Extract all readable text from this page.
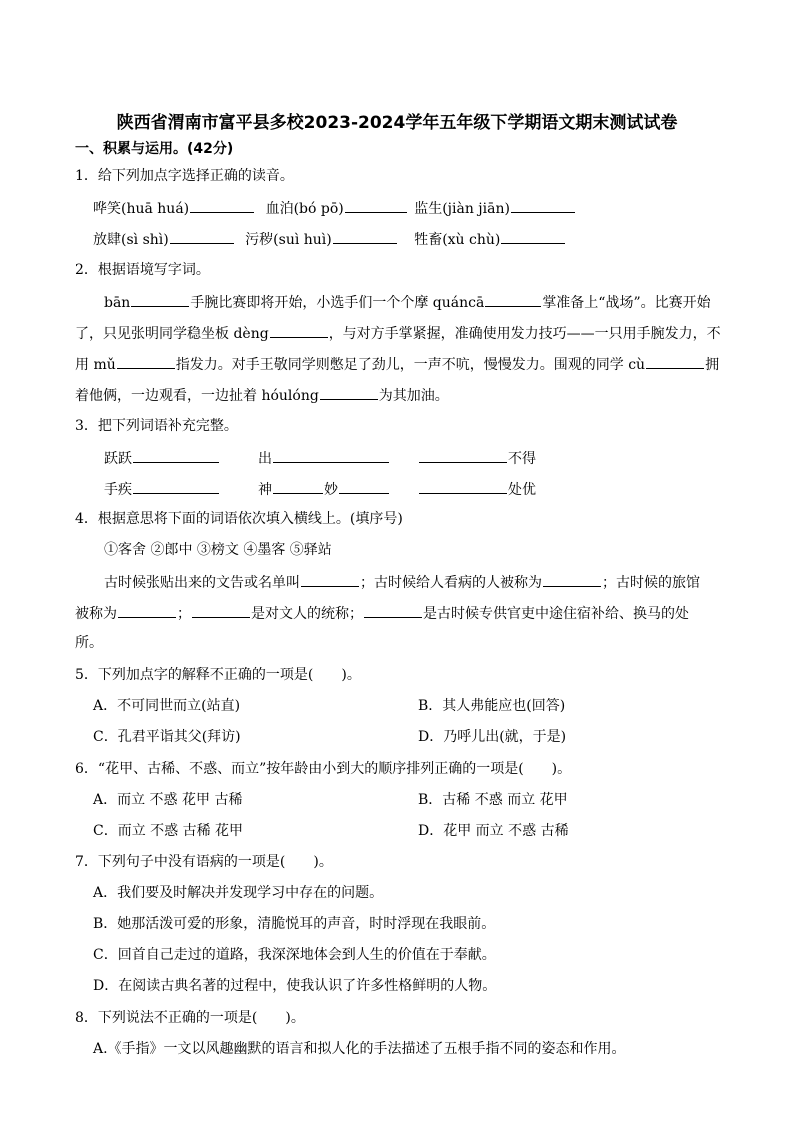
陕西省渭南市富平县多校2023-2024学年五年级下学期语文期末测试试卷
一、积累与运用。(42分)
1．给下列加点字选择正确的读音。
哗笑(huā huá)	血泊(bó pō)	监生(jiàn jiān)
放肆(sì shì)	污秽(suì huì)	牲畜(xù chù)
2．根据语境写字词。
bān	手腕比赛即将开始，小选手们一个个摩 quáncā	掌准备上“战场”。比赛开始
了，只见张明同学稳坐板 dèng	，与对方手掌紧握，准确使用发力技巧——一只用手腕发力，不
用 mǔ	指发力。对手王敬同学则憋足了劲儿，一声不吭，慢慢发力。围观的同学 cù	拥
着他俩，一边观看，一边扯着 hóulóng	为其加油。
3．把下列词语补充完整。
跃跃	出	不得
手疾	神	妙	处优
4．根据意思将下面的词语依次填入横线上。(填序号)
①客舍 ②郎中 ③榜文 ④墨客 ⑤驿站
古时候张贴出来的文告或名单叫	；古时候给人看病的人被称为	；古时候的旅馆
被称为	；	是对文人的统称；	是古时候专供官吏中途住宿补给、换马的处
所。
5．下列加点字的解释不正确的一项是(　　)。
A．不可同世而立(站直)	B．其人弗能应也(回答)
C．孔君平诣其父(拜访)	D．乃呼儿出(就，于是)
6．“花甲、古稀、不惑、而立”按年龄由小到大的顺序排列正确的一项是(　　)。
A．而立 不惑 花甲 古稀	B．古稀 不惑 而立 花甲
C．而立 不惑 古稀 花甲	D．花甲 而立 不惑 古稀
7．下列句子中没有语病的一项是(　　)。
A．我们要及时解决并发现学习中存在的问题。
B．她那活泼可爱的形象，清脆悦耳的声音，时时浮现在我眼前。
C．回首自己走过的道路，我深深地体会到人生的价值在于奉献。
D．在阅读古典名著的过程中，使我认识了许多性格鲜明的人物。
8．下列说法不正确的一项是(　　)。
A.《手指》一文以风趣幽默的语言和拟人化的手法描述了五根手指不同的姿态和作用。
